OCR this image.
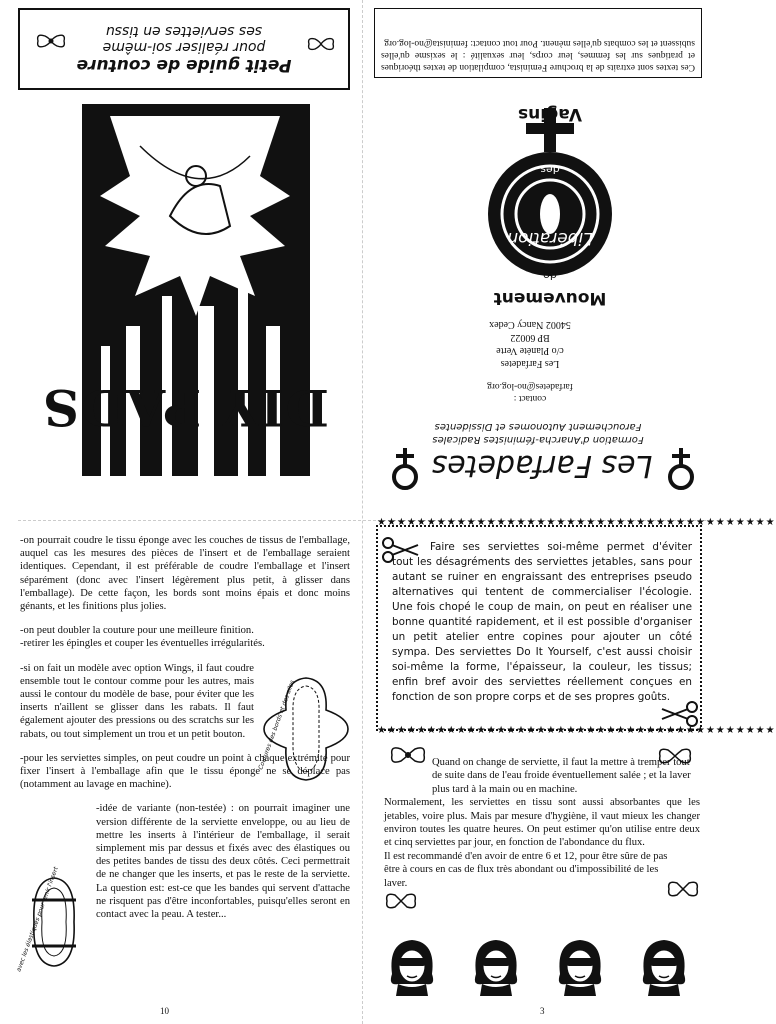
Petit guide de couture
pour réaliser soi-même
ses serviettes en tissu
DIY PADS

Ces textes sont extraits de la brochure Feminista, compilation de textes théoriques et pratiques sur les femmes, leur corps, leur sexualité : le sexisme qu'elles subissent et les combats qu'elles mènent. Pour tout contact: feminista@no-log.org

Mouvement
de
Libération
des
Vagins
Les Farfadetes
c/o Planète Verte
BP 60022
54002 Nancy Cedex
contact :
farfadetes@no-log.org
Formation d'Anarcha-féministes Radicales
Farouchement Autonomes et Dissidentes
Les Farfadetes

-on pourrait coudre le tissu éponge avec les couches de tissus de l'emballage, auquel cas les mesures des pièces de l'insert et de l'emballage seraient identiques. Cependant, il est préférable de coudre l'emballage et l'insert séparément (donc avec l'insert légèrement plus petit, à glisser dans l'emballage). De cette façon, les bords sont moins épais et donc moins génants, et les finitions plus jolies.

-on peut doubler la couture pour une meilleure finition.

-retirer les épingles et couper les éventuelles irrégularités.

-si on fait un modèle avec option Wings, il faut coudre ensemble tout le contour comme pour les autres, mais aussi le contour du modèle de base, pour éviter que les inserts n'aillent se glisser dans les rabats. Il faut également ajouter des pressions ou des scratchs sur les rabats, ou tout simplement un trou et un petit bouton.

-pour les serviettes simples, on peut coudre un point à chaque extrémité pour fixer l'insert à l'emballage afin que le tissu éponge ne se déplace pas (notamment au lavage en machine).

-idée de variante (non-testée) : on pourrait imaginer une version différente de la serviette enveloppe, ou au lieu de mettre les inserts à l'intérieur de l'emballage, il serait simplement mis par dessus et fixés avec des élastiques ou des petites bandes de tissu des deux côtés. Ceci permettrait de ne changer que les inserts, et pas le reste de la serviette. La question est: est-ce que les bandes qui servent d'attache ne risquent pas d'être inconfortables, puisqu'elles seront en contact avec la peau. A tester...

Coutures des bords et des ailes
avec les élastiques pour tenir l'insert
10
★★★★★★★★★★★★★★★★★★★★★★★★★★★★★★★★★★★★★★★★
★★★★★★★★★★★★★★★★★★★★★★★★★★★★★★★★★★★★★★★★

Faire ses serviettes soi-même permet d'éviter tout les désagréments des serviettes jetables, sans pour autant se ruiner en engraissant des entreprises pseudo alternatives qui tentent de commercialiser l'écologie. Une fois chopé le coup de main, on peut en réaliser une bonne quantité rapidement, et il est possible d'organiser un petit atelier entre copines pour ajouter un côté sympa. Des serviettes Do It Yourself, c'est aussi choisir soi-même la forme, l'épaisseur, la couleur, les tissus; enfin bref avoir des serviettes réellement conçues en fonction de son propre corps et de ses propres goûts.

Quand on change de serviette, il faut la mettre à tremper tout de suite dans de l'eau froide éventuellement salée ; et la laver plus tard à la main ou en machine.

Normalement, les serviettes en tissu sont aussi absorbantes que les jetables, voire plus. Mais par mesure d'hygiène, il vaut mieux les changer environ toutes les quatre heures. On peut estimer qu'on utilise entre deux et cinq serviettes par jour, en fonction de l'abondance du flux.

Il est recommandé d'en avoir de entre 6 et 12, pour être sûre de pas être à cours en cas de flux très abondant ou d'impossibilité de les laver.

3
